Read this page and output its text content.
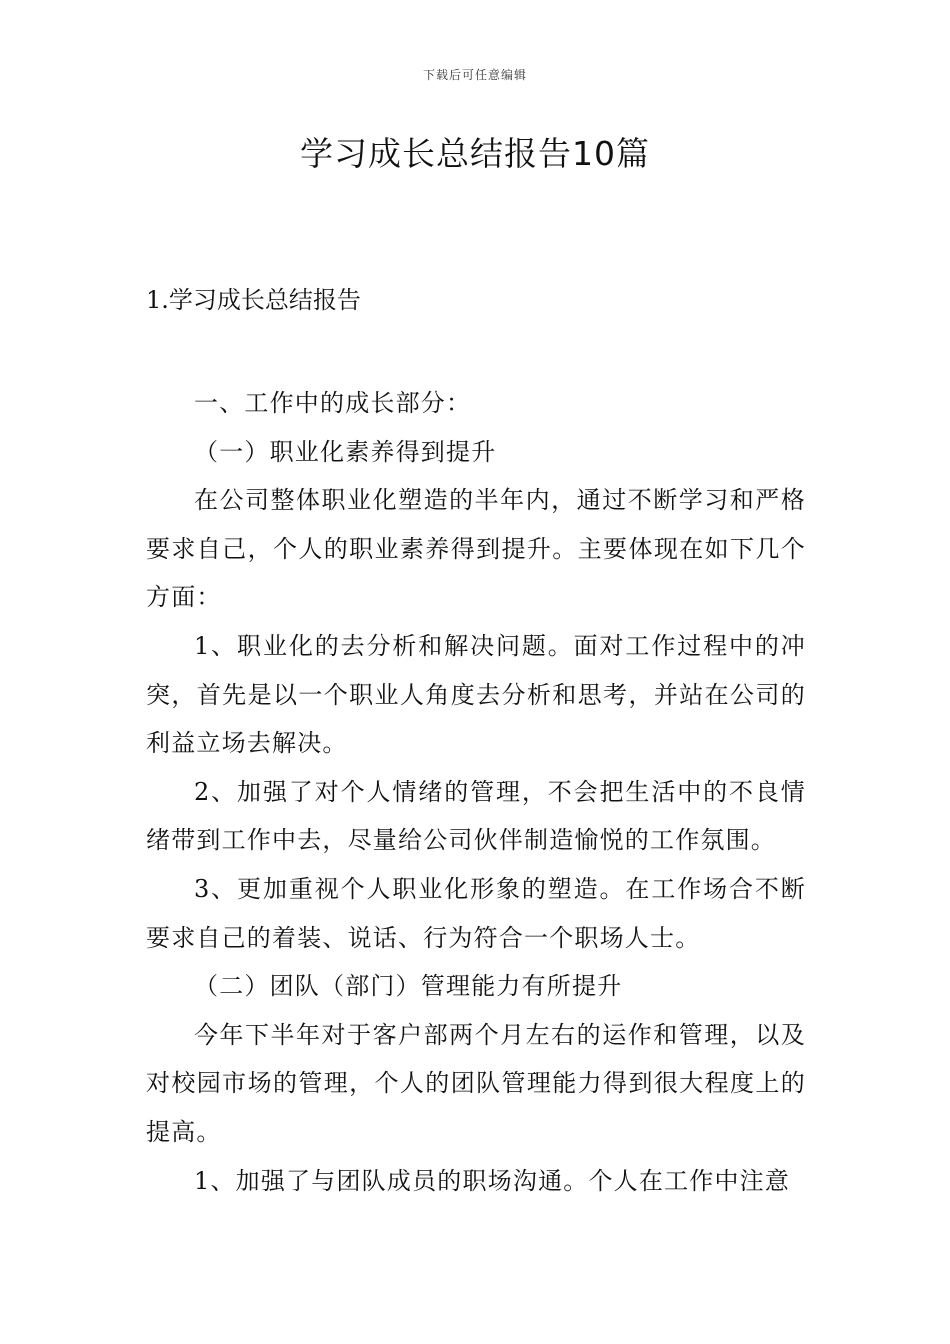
下载后可任意编辑
学习成长总结报告10篇
1.学习成长总结报告

一、工作中的成长部分：

（一）职业化素养得到提升

在公司整体职业化塑造的半年内，通过不断学习和严格要求自己，个人的职业素养得到提升。主要体现在如下几个方面：

1、职业化的去分析和解决问题。面对工作过程中的冲突，首先是以一个职业人角度去分析和思考，并站在公司的利益立场去解决。

2、加强了对个人情绪的管理，不会把生活中的不良情绪带到工作中去，尽量给公司伙伴制造愉悦的工作氛围。

3、更加重视个人职业化形象的塑造。在工作场合不断要求自己的着装、说话、行为符合一个职场人士。

（二）团队（部门）管理能力有所提升

今年下半年对于客户部两个月左右的运作和管理，以及对校园市场的管理，个人的团队管理能力得到很大程度上的提高。

1、加强了与团队成员的职场沟通。个人在工作中注意
